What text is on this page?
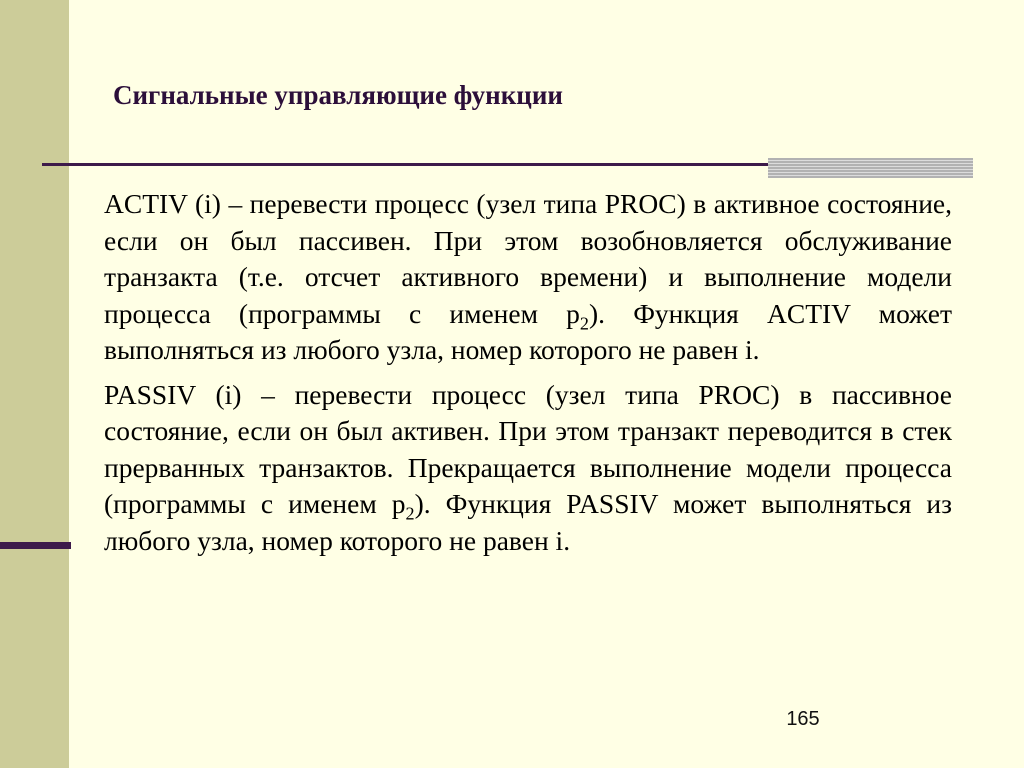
Сигнальные управляющие функции

ACTIV (i) – перевести процесс (узел типа PROC) в активное состояние, если он был пассивен. При этом возобновляется обслуживание транзакта (т.е. отсчет активного времени) и выполнение модели процесса (программы с именем $p_2$). Функция ACTIV может выполняться из любого узла, номер которого не равен i.

PASSIV (i) – перевести процесс (узел типа PROC) в пассивное состояние, если он был активен. При этом транзакт переводится в стек прерванных транзактов. Прекращается выполнение модели процесса (программы с именем $p_2$). Функция PASSIV может выполняться из любого узла, номер которого не равен i.

165
